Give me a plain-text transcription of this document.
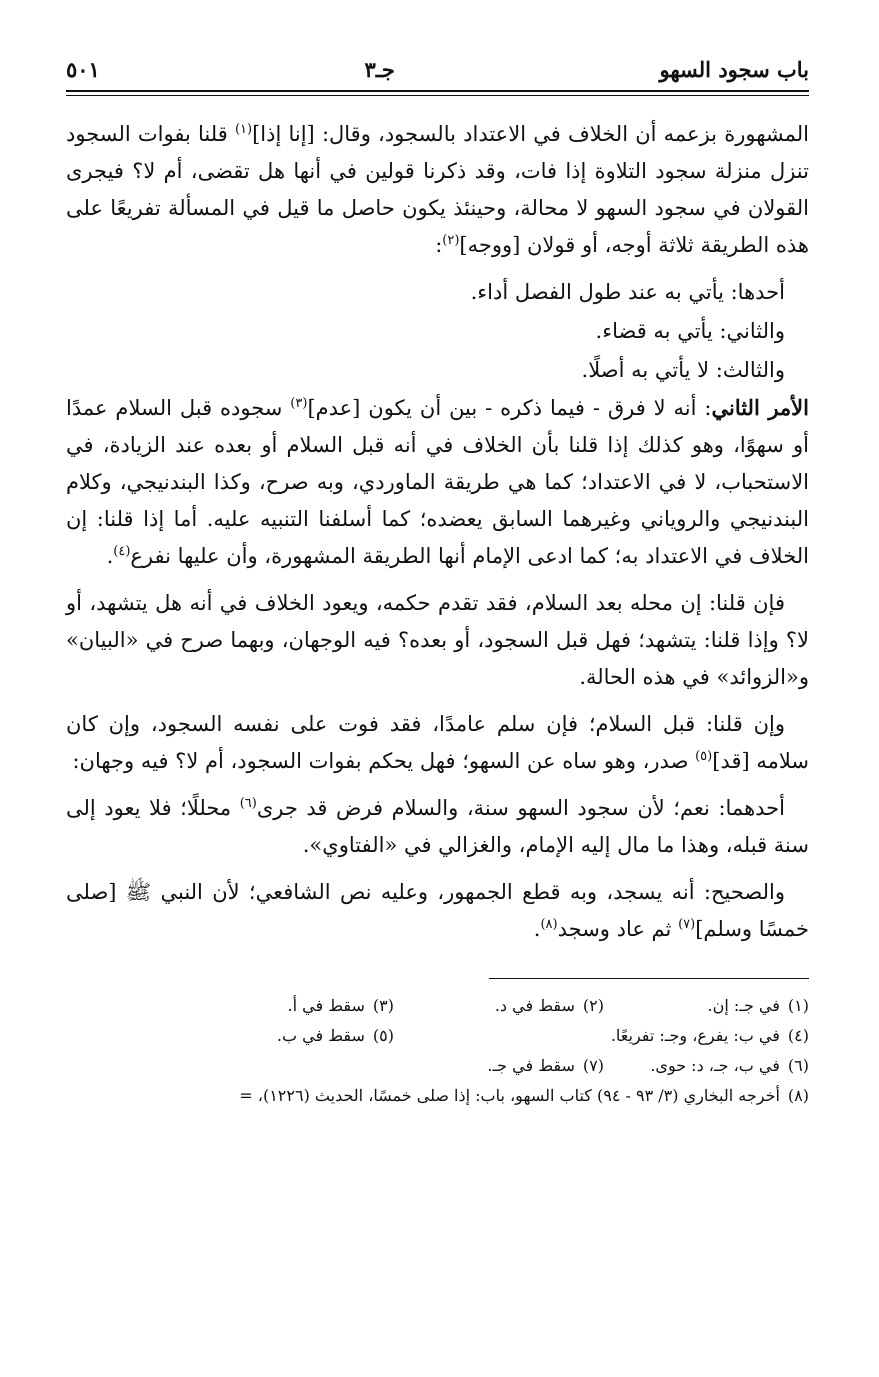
باب سجود السهو
جـ٣
٥٠١

المشهورة بزعمه أن الخلاف في الاعتداد بالسجود، وقال: [إنا إذا]$^{(١)}$ قلنا بفوات السجود تنزل منزلة سجود التلاوة إذا فات، وقد ذكرنا قولين في أنها هل تقضى، أم لا؟ فيجرى القولان في سجود السهو لا محالة، وحينئذ يكون حاصل ما قيل في المسألة تفريعًا على هذه الطريقة ثلاثة أوجه، أو قولان [ووجه]$^{(٢)}$:

أحدها: يأتي به عند طول الفصل أداء.

والثاني: يأتي به قضاء.

والثالث: لا يأتي به أصلًا.

الأمر الثاني: أنه لا فرق - فيما ذكره - بين أن يكون [عدم]$^{(٣)}$ سجوده قبل السلام عمدًا أو سهوًا، وهو كذلك إذا قلنا بأن الخلاف في أنه قبل السلام أو بعده عند الزيادة، في الاستحباب، لا في الاعتداد؛ كما هي طريقة الماوردي، وبه صرح، وكذا البندنيجي، وكلام البندنيجي والروياني وغيرهما السابق يعضده؛ كما أسلفنا التنبيه عليه. أما إذا قلنا: إن الخلاف في الاعتداد به؛ كما ادعى الإمام أنها الطريقة المشهورة، وأن عليها نفرع$^{(٤)}$.

فإن قلنا: إن محله بعد السلام، فقد تقدم حكمه، ويعود الخلاف في أنه هل يتشهد، أو لا؟ وإذا قلنا: يتشهد؛ فهل قبل السجود، أو بعده؟ فيه الوجهان، وبهما صرح في «البيان» و«الزوائد» في هذه الحالة.

وإن قلنا: قبل السلام؛ فإن سلم عامدًا، فقد فوت على نفسه السجود، وإن كان سلامه [قد]$^{(٥)}$ صدر، وهو ساه عن السهو؛ فهل يحكم بفوات السجود، أم لا؟ فيه وجهان:

أحدهما: نعم؛ لأن سجود السهو سنة، والسلام فرض قد جرى$^{(٦)}$ محللًا؛ فلا يعود إلى سنة قبله، وهذا ما مال إليه الإمام، والغزالي في «الفتاوي».

والصحيح: أنه يسجد، وبه قطع الجمهور، وعليه نص الشافعي؛ لأن النبي ﷺ [صلى خمسًا وسلم]$^{(٧)}$ ثم عاد وسجد$^{(٨)}$.

(١)في جـ: إن.
(٢)سقط في د.
(٣)سقط في أ.
(٤)في ب: يفرع، وجـ: تفريعًا.
(٥)سقط في ب.
(٦)في ب، جـ، د: حوى.
(٧)سقط في جـ.
(٨)أخرجه البخاري (٣/ ٩٣ - ٩٤) كتاب السهو، باب: إذا صلى خمسًا، الحديث (١٢٢٦)، =
